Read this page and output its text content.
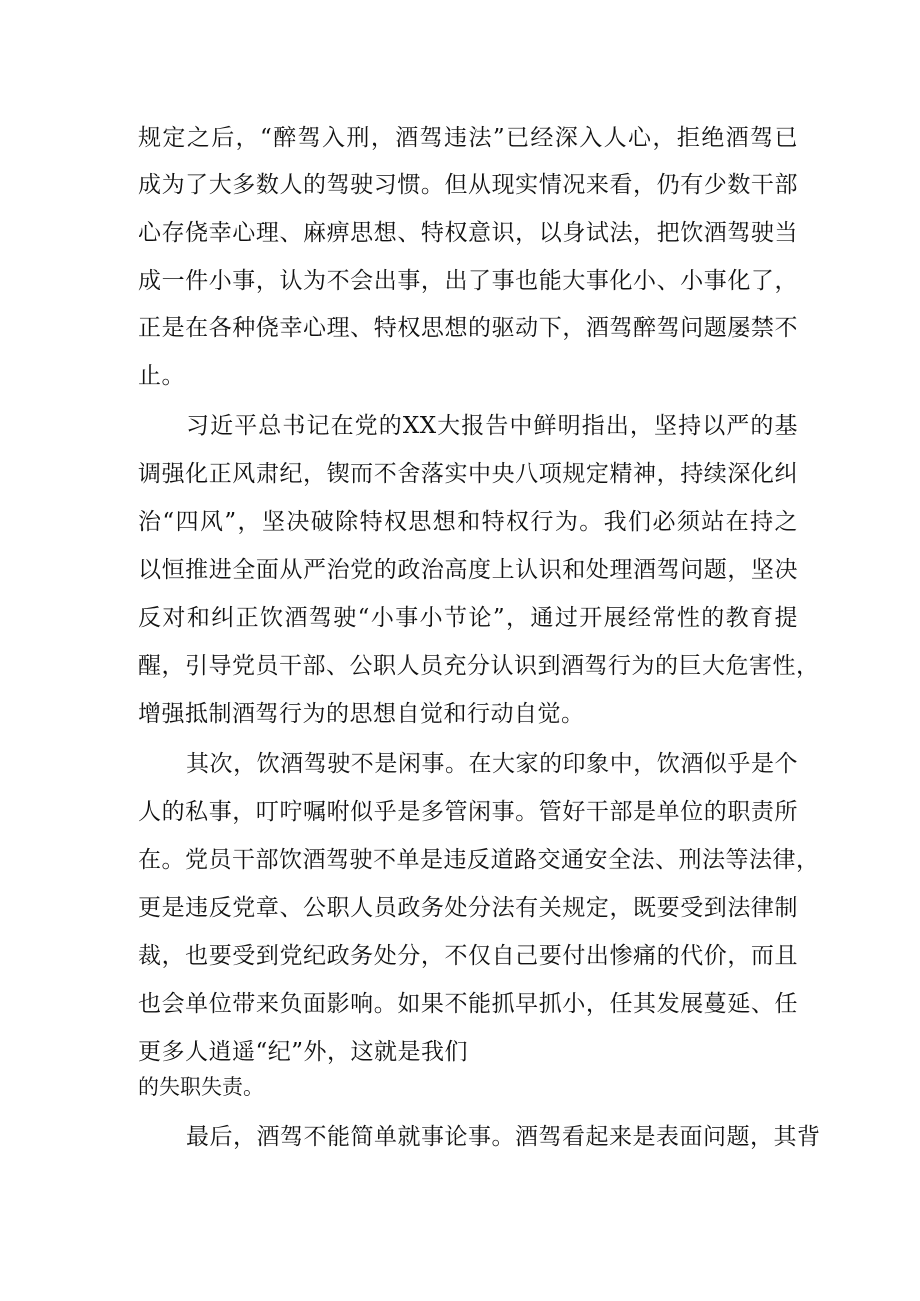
规定之后，“醉驾入刑，酒驾违法”已经深入人心，拒绝酒驾已
成为了大多数人的驾驶习惯。但从现实情况来看，仍有少数干部
心存侥幸心理、麻痹思想、特权意识，以身试法，把饮酒驾驶当
成一件小事，认为不会出事，出了事也能大事化小、小事化了，
正是在各种侥幸心理、特权思想的驱动下，酒驾醉驾问题屡禁不
止。
习近平总书记在党的XX大报告中鲜明指出，坚持以严的基
调强化正风肃纪，锲而不舍落实中央八项规定精神，持续深化纠
治“四风”，坚决破除特权思想和特权行为。我们必须站在持之
以恒推进全面从严治党的政治高度上认识和处理酒驾问题，坚决
反对和纠正饮酒驾驶“小事小节论”，通过开展经常性的教育提
醒，引导党员干部、公职人员充分认识到酒驾行为的巨大危害性，
增强抵制酒驾行为的思想自觉和行动自觉。
其次，饮酒驾驶不是闲事。在大家的印象中，饮酒似乎是个
人的私事，叮咛嘱咐似乎是多管闲事。管好干部是单位的职责所
在。党员干部饮酒驾驶不单是违反道路交通安全法、刑法等法律，
更是违反党章、公职人员政务处分法有关规定，既要受到法律制
裁，也要受到党纪政务处分，不仅自己要付出惨痛的代价，而且
也会单位带来负面影响。如果不能抓早抓小，任其发展蔓延、任
更多人逍遥“纪”外，这就是我们
的失职失责。
最后，酒驾不能简单就事论事。酒驾看起来是表面问题，其背
